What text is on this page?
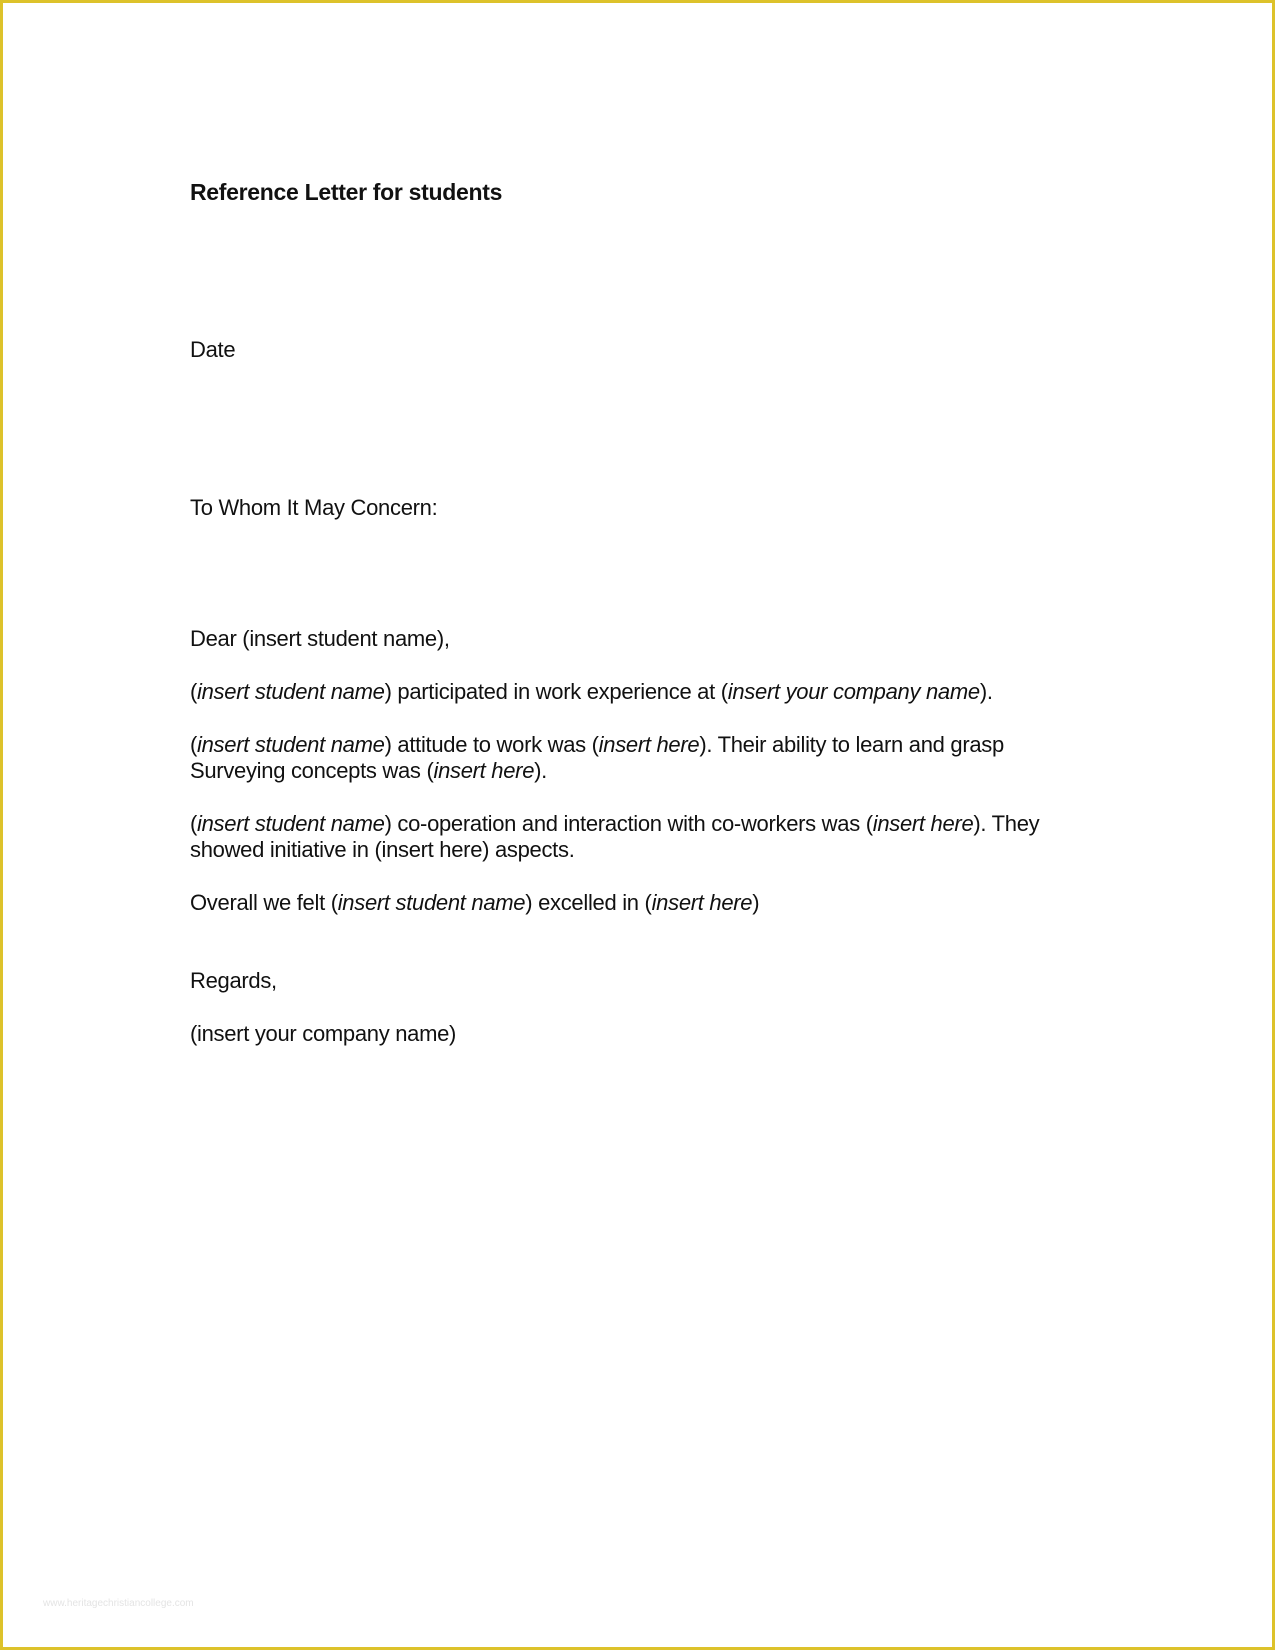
Reference Letter for students

Date

To Whom It May Concern:

Dear (insert student name),

(insert student name) participated in work experience at (insert your company name).

(insert student name) attitude to work was (insert here). Their ability to learn and grasp Surveying concepts was (insert here).

(insert student name) co-operation and interaction with co-workers was (insert here). They showed initiative in (insert here) aspects.

Overall we felt (insert student name) excelled in (insert here)

Regards,

(insert your company name)

www.heritagechristiancollege.com
